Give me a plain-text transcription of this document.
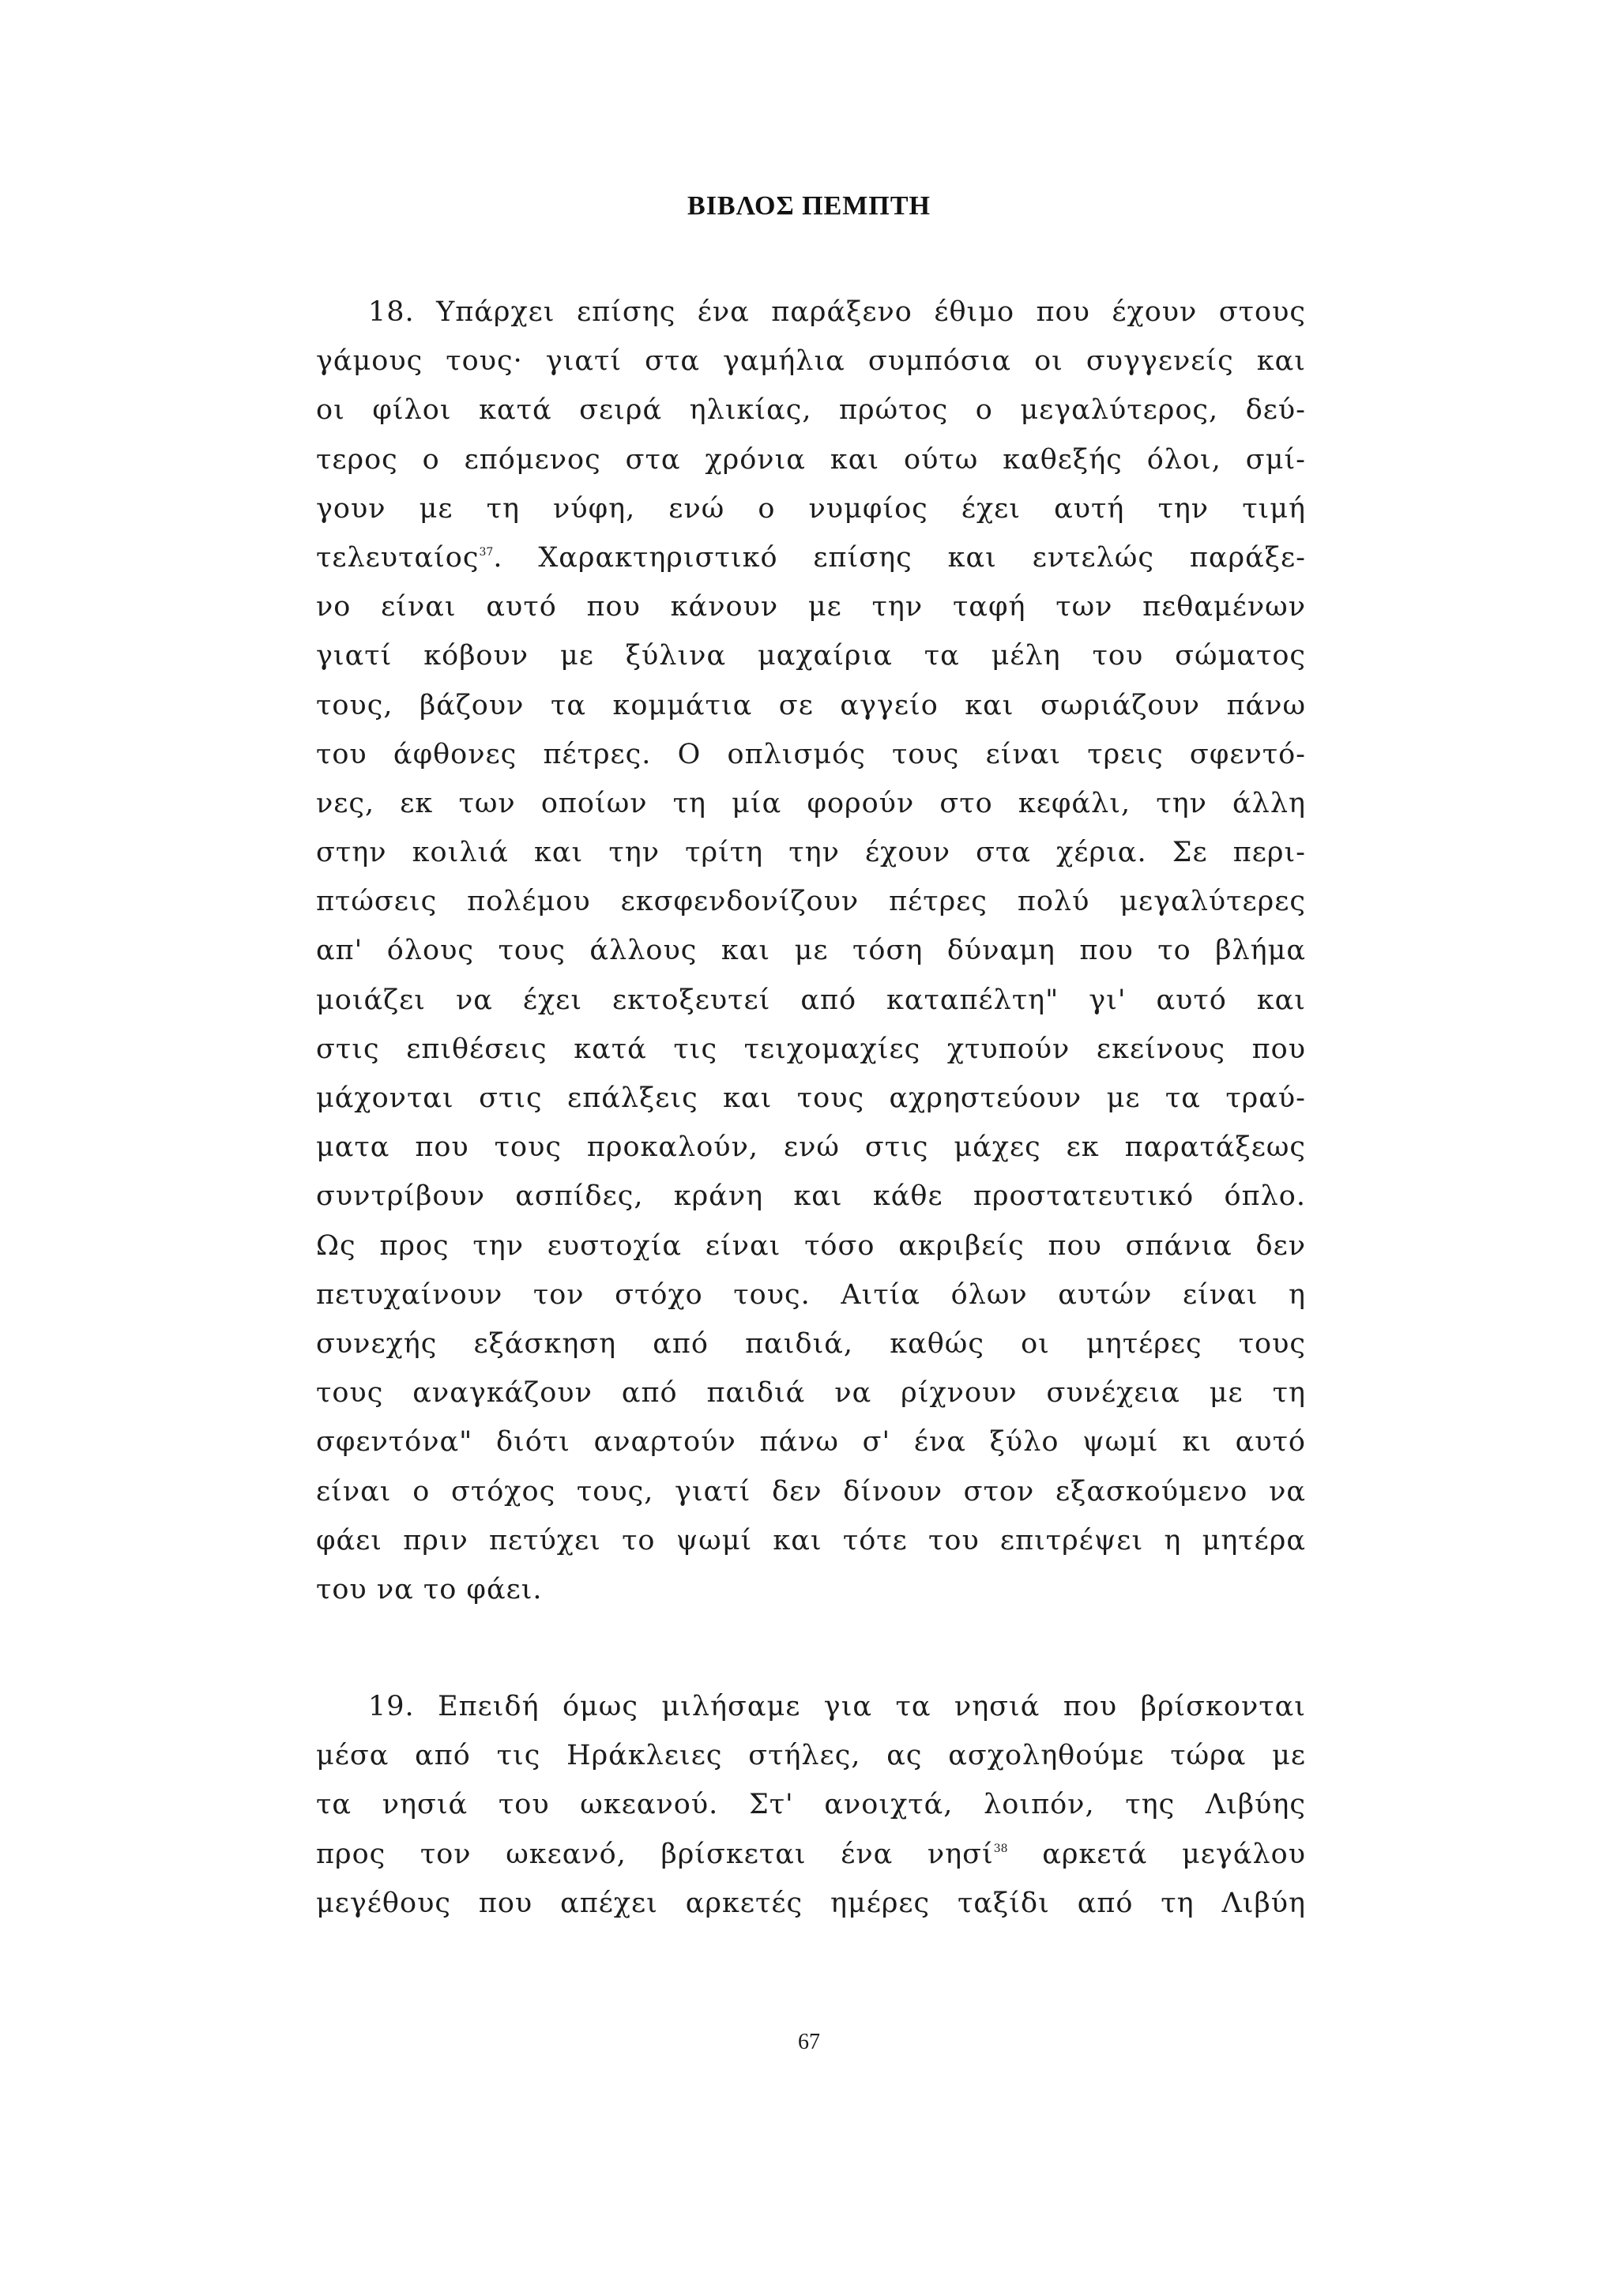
ΒΙΒΛΟΣ ΠΕΜΠΤΗ
18. Υπάρχει επίσης ένα παράξενο έθιμο που έχουν στους
γάμους τους· γιατί στα γαμήλια συμπόσια οι συγγενείς και
οι φίλοι κατά σειρά ηλικίας, πρώτος ο μεγαλύτερος, δεύ-
τερος ο επόμενος στα χρόνια και ούτω καθεξής όλοι, σμί-
γουν με τη νύφη, ενώ ο νυμφίος έχει αυτή την τιμή
τελευταίος$^{37}$. Χαρακτηριστικό επίσης και εντελώς παράξε-
νο είναι αυτό που κάνουν με την ταφή των πεθαμένων
γιατί κόβουν με ξύλινα μαχαίρια τα μέλη του σώματος
τους, βάζουν τα κομμάτια σε αγγείο και σωριάζουν πάνω
του άφθονες πέτρες. Ο οπλισμός τους είναι τρεις σφεντό-
νες, εκ των οποίων τη μία φορούν στο κεφάλι, την άλλη
στην κοιλιά και την τρίτη την έχουν στα χέρια. Σε περι-
πτώσεις πολέμου εκσφενδονίζουν πέτρες πολύ μεγαλύτερες
απ' όλους τους άλλους και με τόση δύναμη που το βλήμα
μοιάζει να έχει εκτοξευτεί από καταπέλτη" γι' αυτό και
στις επιθέσεις κατά τις τειχομαχίες χτυπούν εκείνους που
μάχονται στις επάλξεις και τους αχρηστεύουν με τα τραύ-
ματα που τους προκαλούν, ενώ στις μάχες εκ παρατάξεως
συντρίβουν ασπίδες, κράνη και κάθε προστατευτικό όπλο.
Ως προς την ευστοχία είναι τόσο ακριβείς που σπάνια δεν
πετυχαίνουν τον στόχο τους. Αιτία όλων αυτών είναι η
συνεχής εξάσκηση από παιδιά, καθώς οι μητέρες τους
τους αναγκάζουν από παιδιά να ρίχνουν συνέχεια με τη
σφεντόνα" διότι αναρτούν πάνω σ' ένα ξύλο ψωμί κι αυτό
είναι ο στόχος τους, γιατί δεν δίνουν στον εξασκούμενο να
φάει πριν πετύχει το ψωμί και τότε του επιτρέψει η μητέρα
του να το φάει.
19. Επειδή όμως μιλήσαμε για τα νησιά που βρίσκονται
μέσα από τις Ηράκλειες στήλες, ας ασχοληθούμε τώρα με
τα νησιά του ωκεανού. Στ' ανοιχτά, λοιπόν, της Λιβύης
προς τον ωκεανό, βρίσκεται ένα νησί$^{38}$ αρκετά μεγάλου
μεγέθους που απέχει αρκετές ημέρες ταξίδι από τη Λιβύη
67
